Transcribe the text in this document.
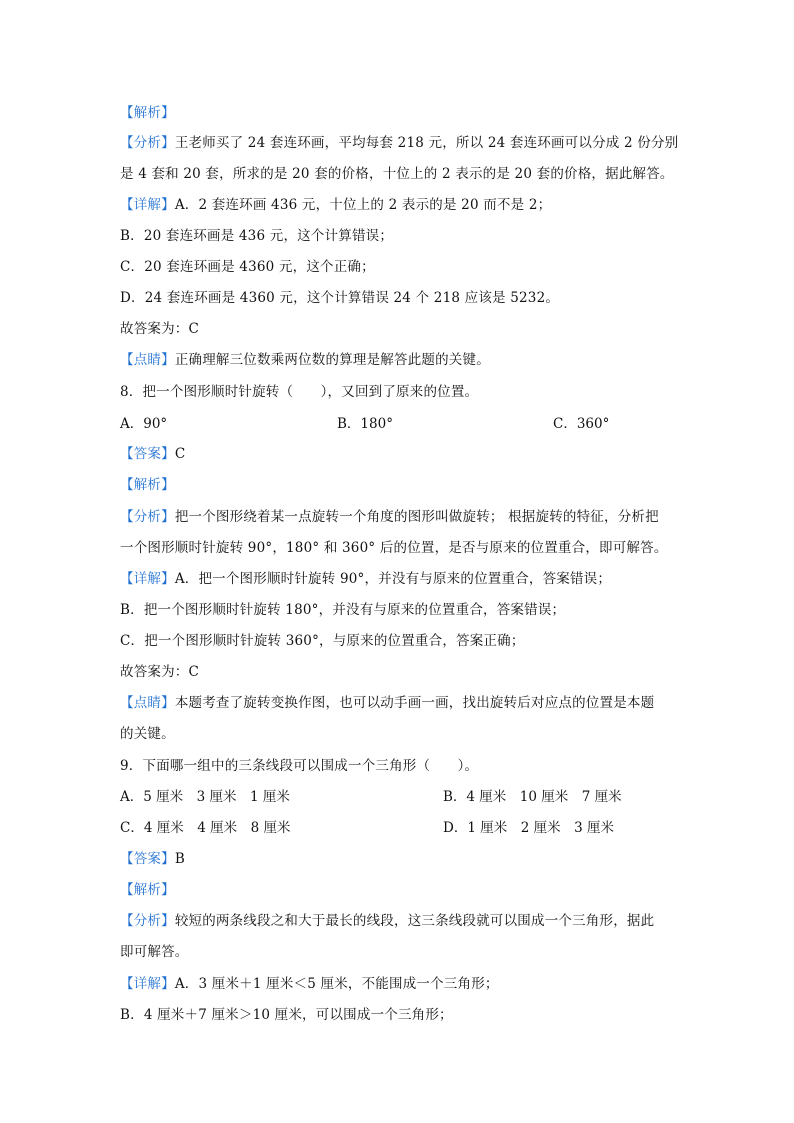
【解析】
【分析】王老师买了 24 套连环画，平均每套 218 元，所以 24 套连环画可以分成 2 份分别
是 4 套和 20 套，所求的是 20 套的价格，十位上的 2 表示的是 20 套的价格，据此解答。
【详解】A．2 套连环画 436 元，十位上的 2 表示的是 20 而不是 2；
B．20 套连环画是 436 元，这个计算错误；
C．20 套连环画是 4360 元，这个正确；
D．24 套连环画是 4360 元，这个计算错误 24 个 218 应该是 5232。
故答案为：C
【点睛】正确理解三位数乘两位数的算理是解答此题的关键。
8．把一个图形顺时针旋转（　　），又回到了原来的位置。
A．90°	B．180°	C．360°
【答案】C
【解析】
【分析】把一个图形绕着某一点旋转一个角度的图形叫做旋转； 根据旋转的特征，分析把
一个图形顺时针旋转 90°，180° 和 360° 后的位置，是否与原来的位置重合，即可解答。
【详解】A．把一个图形顺时针旋转 90°，并没有与原来的位置重合，答案错误；
B．把一个图形顺时针旋转 180°，并没有与原来的位置重合，答案错误；
C．把一个图形顺时针旋转 360°，与原来的位置重合，答案正确；
故答案为：C
【点睛】本题考查了旋转变换作图，也可以动手画一画，找出旋转后对应点的位置是本题
的关键。
9．下面哪一组中的三条线段可以围成一个三角形（　　）。
A．5 厘米　3 厘米　1 厘米	B．4 厘米　10 厘米　7 厘米
C．4 厘米　4 厘米　8 厘米	D．1 厘米　2 厘米　3 厘米
【答案】B
【解析】
【分析】较短的两条线段之和大于最长的线段，这三条线段就可以围成一个三角形，据此
即可解答。
【详解】A．3 厘米＋1 厘米＜5 厘米，不能围成一个三角形；
B．4 厘米＋7 厘米＞10 厘米，可以围成一个三角形；
